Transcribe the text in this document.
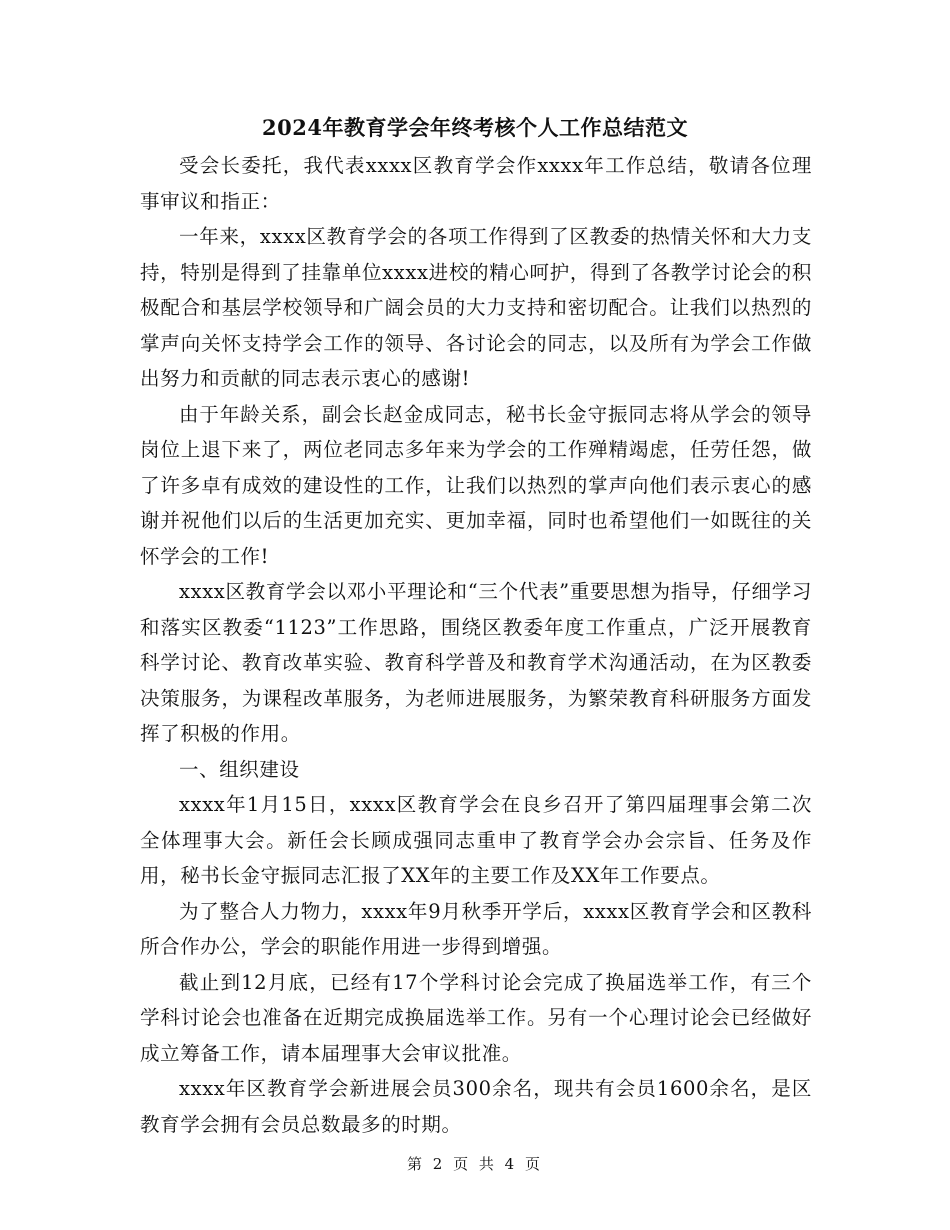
2024年教育学会年终考核个人工作总结范文

受会长委托，我代表xxxx区教育学会作xxxx年工作总结，敬请各位理事审议和指正：

一年来，xxxx区教育学会的各项工作得到了区教委的热情关怀和大力支持，特别是得到了挂靠单位xxxx进校的精心呵护，得到了各教学讨论会的积极配合和基层学校领导和广阔会员的大力支持和密切配合。让我们以热烈的掌声向关怀支持学会工作的领导、各讨论会的同志，以及所有为学会工作做出努力和贡献的同志表示衷心的感谢!

由于年龄关系，副会长赵金成同志，秘书长金守振同志将从学会的领导岗位上退下来了，两位老同志多年来为学会的工作殚精竭虑，任劳任怨，做了许多卓有成效的建设性的工作，让我们以热烈的掌声向他们表示衷心的感谢并祝他们以后的生活更加充实、更加幸福，同时也希望他们一如既往的关怀学会的工作!

xxxx区教育学会以邓小平理论和“三个代表”重要思想为指导，仔细学习和落实区教委“1123”工作思路，围绕区教委年度工作重点，广泛开展教育科学讨论、教育改革实验、教育科学普及和教育学术沟通活动，在为区教委决策服务，为课程改革服务，为老师进展服务，为繁荣教育科研服务方面发挥了积极的作用。

一、组织建设

xxxx年1月15日，xxxx区教育学会在良乡召开了第四届理事会第二次全体理事大会。新任会长顾成强同志重申了教育学会办会宗旨、任务及作用，秘书长金守振同志汇报了XX年的主要工作及XX年工作要点。

为了整合人力物力，xxxx年9月秋季开学后，xxxx区教育学会和区教科所合作办公，学会的职能作用进一步得到增强。

截止到12月底，已经有17个学科讨论会完成了换届选举工作，有三个学科讨论会也准备在近期完成换届选举工作。另有一个心理讨论会已经做好成立筹备工作，请本届理事大会审议批准。

xxxx年区教育学会新进展会员300余名，现共有会员1600余名，是区教育学会拥有会员总数最多的时期。

第 2 页 共 4 页
